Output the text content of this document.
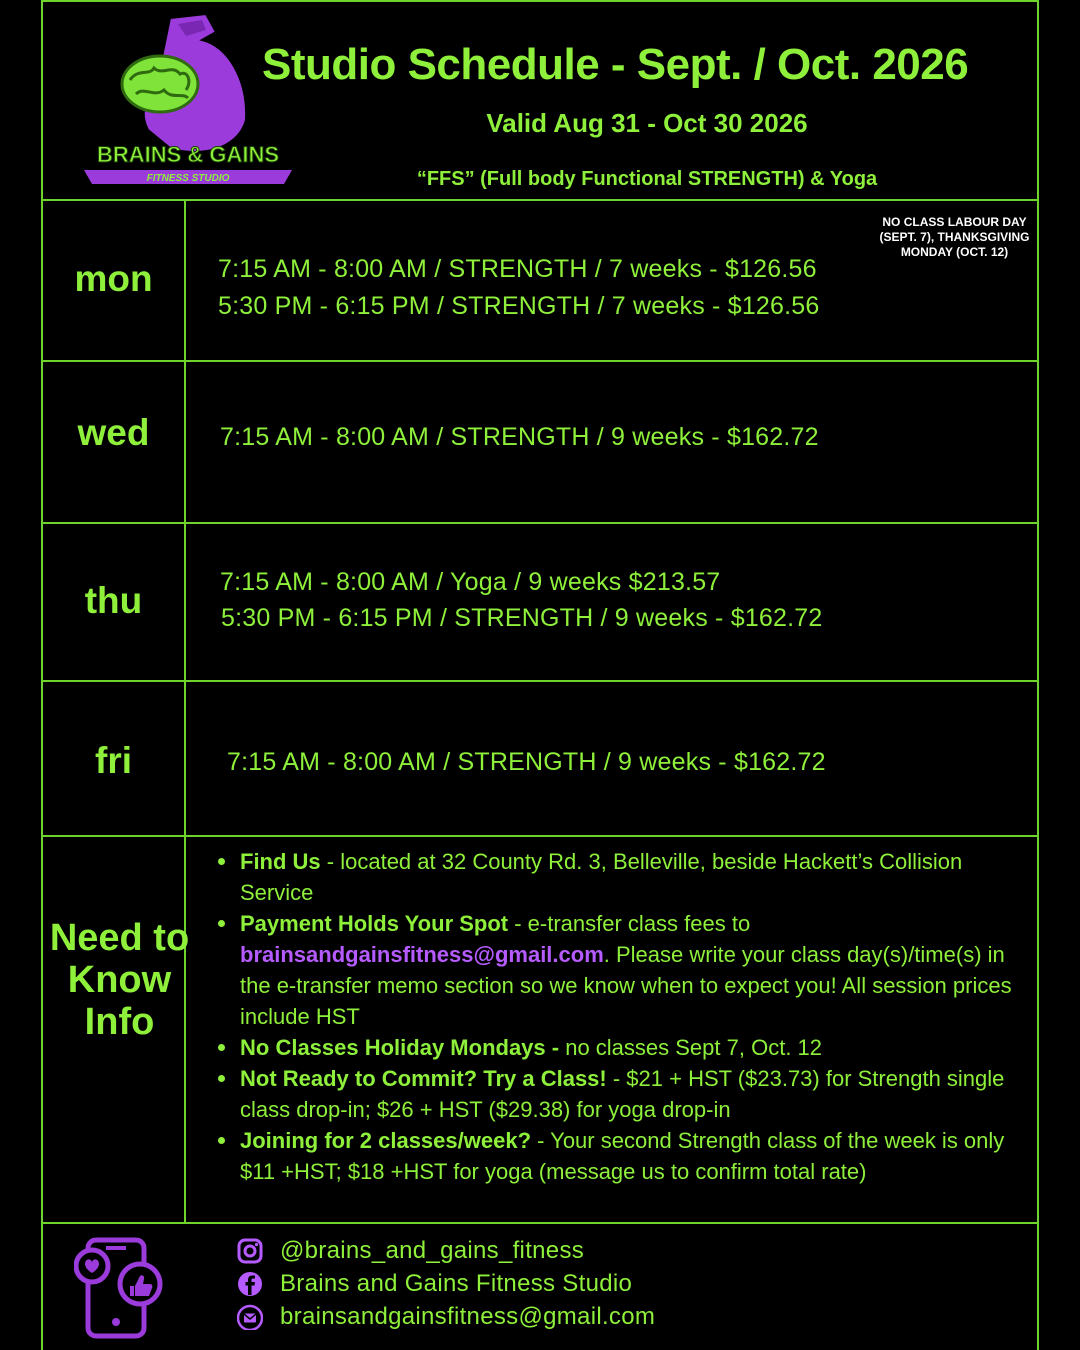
BRAINS & GAINS
FITNESS STUDIO
Studio Schedule - Sept. / Oct. 2026
Valid Aug 31 - Oct 30 2026
“FFS” (Full body Functional STRENGTH) & Yoga
mon	7:15 AM - 8:00 AM / STRENGTH / 7 weeks - $126.56
5:30 PM - 6:15 PM / STRENGTH / 7 weeks - $126.56
NO CLASS LABOUR DAY (SEPT. 7), THANKSGIVING MONDAY (OCT. 12)
wed	7:15 AM - 8:00 AM / STRENGTH / 9 weeks - $162.72
thu	7:15 AM - 8:00 AM / Yoga / 9 weeks $213.57
5:30 PM - 6:15 PM / STRENGTH / 9 weeks - $162.72
fri	7:15 AM - 8:00 AM / STRENGTH / 9 weeks - $162.72
Need to Know Info
Find Us - located at 32 County Rd. 3, Belleville, beside Hackett’s Collision Service
Payment Holds Your Spot - e-transfer class fees to brainsandgainsfitness@gmail.com. Please write your class day(s)/time(s) in the e-transfer memo section so we know when to expect you! All session prices include HST
No Classes Holiday Mondays - no classes Sept 7, Oct. 12
Not Ready to Commit? Try a Class! - $21 + HST ($23.73) for Strength single class drop-in; $26 + HST ($29.38) for yoga drop-in
Joining for 2 classes/week? - Your second Strength class of the week is only $11 +HST; $18 +HST for yoga (message us to confirm total rate)
@brains_and_gains_fitness
Brains and Gains Fitness Studio
brainsandgainsfitness@gmail.com
